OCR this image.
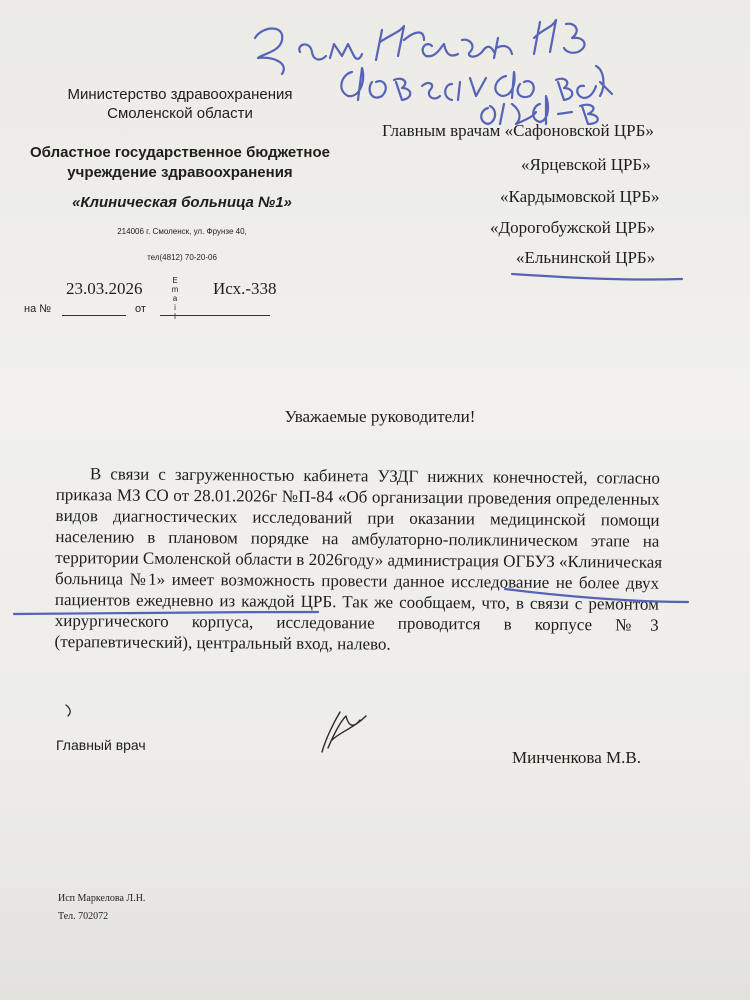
Министерство здравоохранения
Смоленской области
Областное государственное бюджетное
учреждение здравоохранения
«Клиническая больница №1»
214006 г. Смоленск, ул. Фрунзе 40,
тел(4812) 70-20-06
23.03.2026	Исх.-338
Е
m
a
i
l
на №	от
Главным врачам «Сафоновской ЦРБ»
«Ярцевской ЦРБ»
«Кардымовской ЦРБ»
«Дорогобужской ЦРБ»
«Ельнинской ЦРБ»
Уважаемые руководители!
В связи с загруженностью кабинета УЗДГ нижних конечностей, согласно
приказа МЗ СО от 28.01.2026г №П-84 «Об организации проведения определенных
видов диагностических исследований при оказании медицинской помощи
населению в плановом порядке на амбулаторно-поликлиническом этапе на
территории Смоленской области в 2026году» администрация ОГБУЗ «Клиническая
больница №1» имеет возможность провести данное исследование не более двух
пациентов ежедневно из каждой ЦРБ. Так же сообщаем, что, в связи с ремонтом
хирургического корпуса, исследование проводится в корпусе №3
(терапевтический), центральный вход, налево.
Главный врач
Минченкова М.В.
Исп Маркелова Л.Н.
Тел. 702072
